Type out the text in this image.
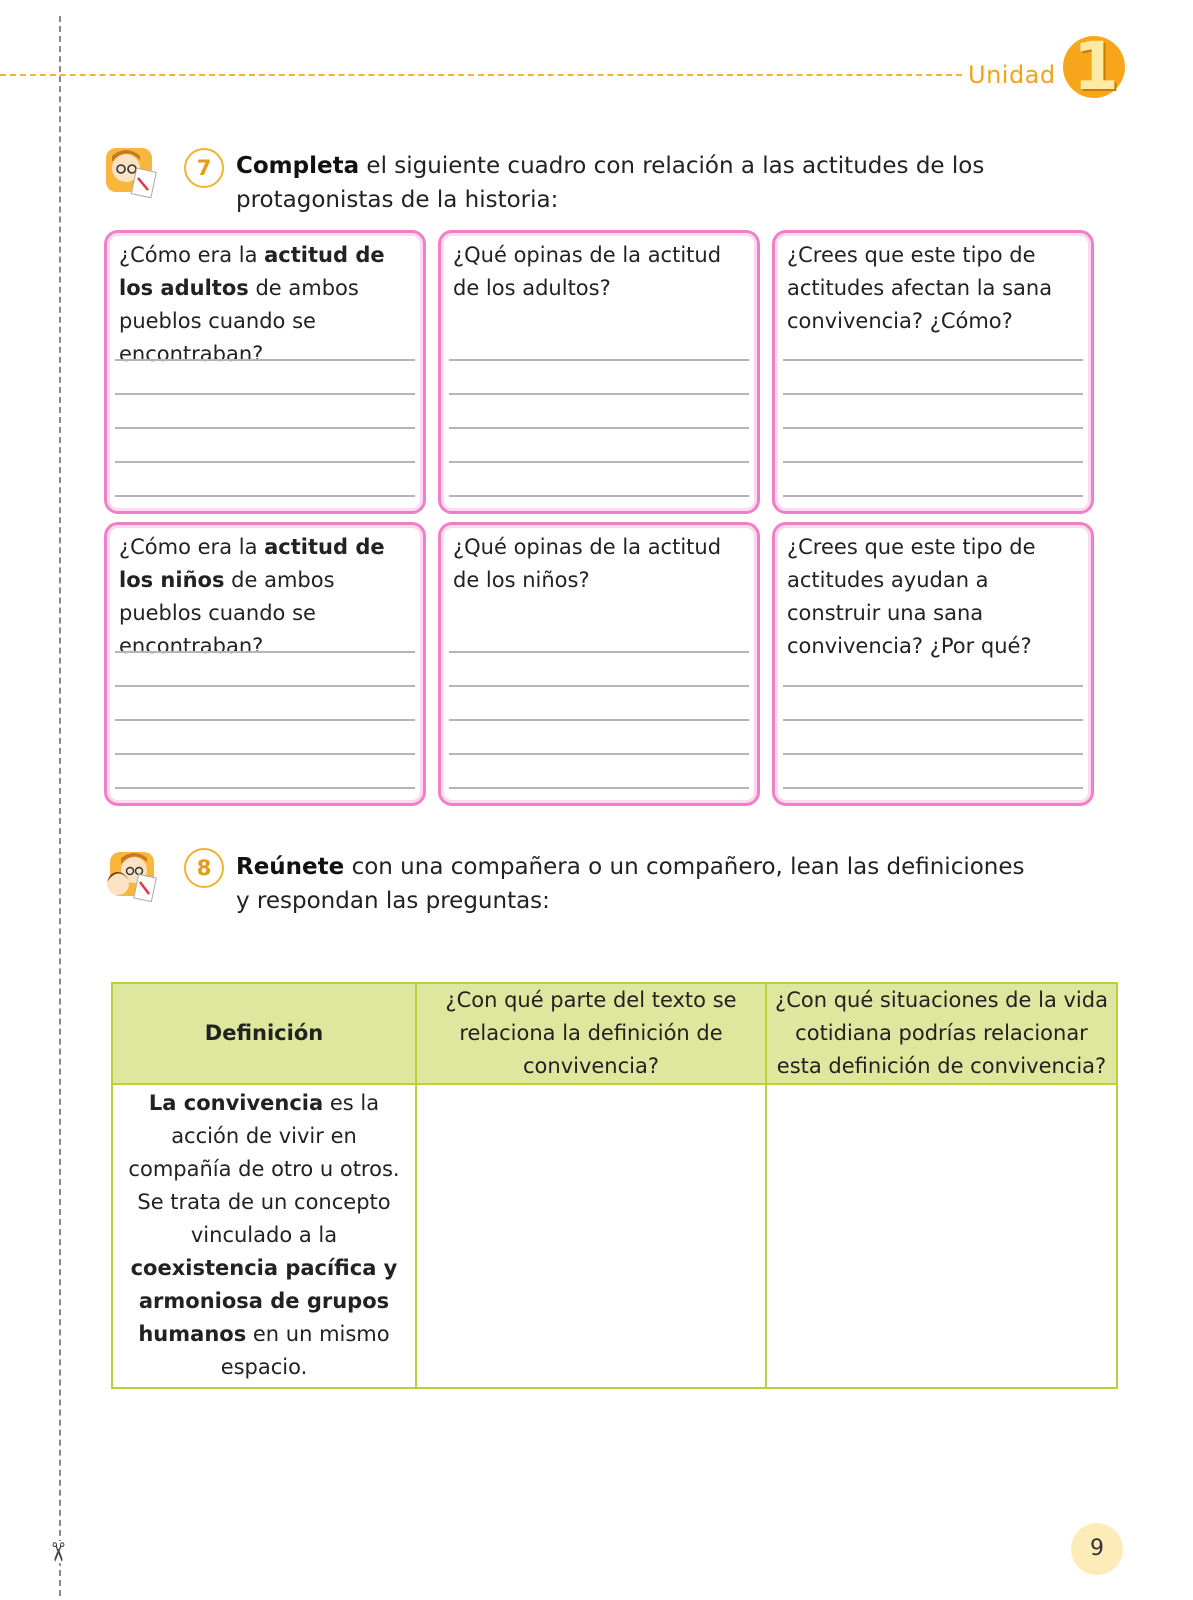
✂
Unidad 1
7	Completa el siguiente cuadro con relación a las actitudes de los protagonistas de la historia:
¿Cómo era la actitud de los adultos de ambos pueblos cuando se encontraban?
¿Qué opinas de la actitud de los adultos?
¿Crees que este tipo de actitudes afectan la sana convivencia? ¿Cómo?
¿Cómo era la actitud de los niños de ambos pueblos cuando se encontraban?
¿Qué opinas de la actitud de los niños?
¿Crees que este tipo de actitudes ayudan a construir una sana convivencia? ¿Por qué?
8	Reúnete con una compañera o un compañero, lean las definiciones y respondan las preguntas:
Definición	¿Con qué parte del texto se relaciona la definición de convivencia?	¿Con qué situaciones de la vida cotidiana podrías relacionar esta definición de convivencia?
La convivencia es la acción de vivir en compañía de otro u otros. Se trata de un concepto vinculado a la coexistencia pacífica y armoniosa de grupos humanos en un mismo espacio.		
9
